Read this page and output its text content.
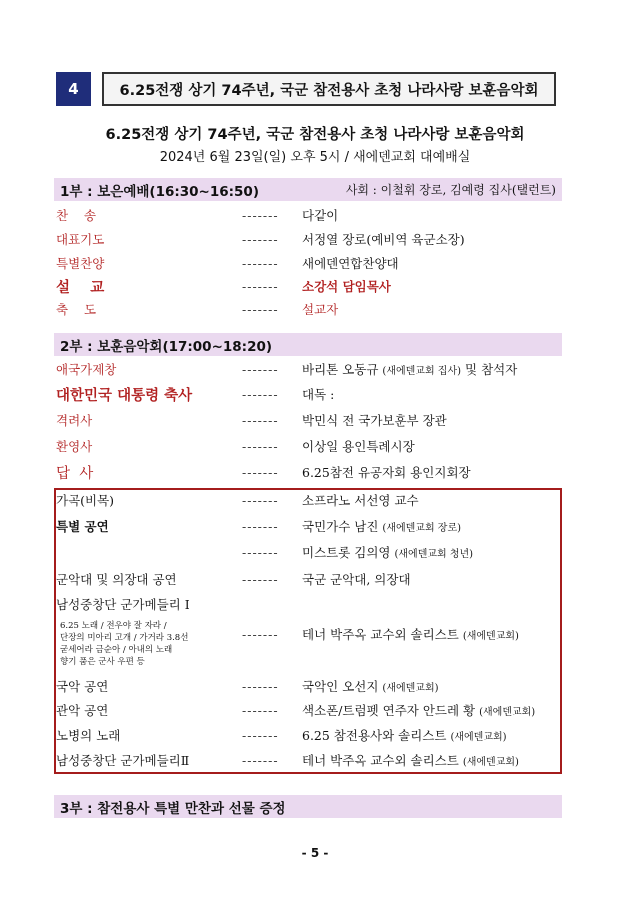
4	6.25전쟁 상기 74주년, 국군 참전용사 초청 나라사랑 보훈음악회
6.25전쟁 상기 74주년, 국군 참전용사 초청 나라사랑 보훈음악회
2024년 6월 23일(일) 오후 5시 / 새에덴교회 대예배실
1부 : 보은예배(16:30~16:50)	사회 : 이철휘 장로, 김예령 집사(탤런트)
찬    송	-------	다같이
대표기도	-------	서정열 장로(예비역 육군소장)
특별찬양	-------	새에덴연합찬양대
설    교	-------	소강석 담임목사
축    도	-------	설교자
2부 : 보훈음악회(17:00~18:20)
애국가제창	-------	바리톤 오동규 (새에덴교회 집사) 및 참석자
대한민국 대통령 축사	-------	대독 :
격려사	-------	박민식 전 국가보훈부 장관
환영사	-------	이상일 용인특례시장
답  사	-------	6.25참전 유공자회 용인지회장
가곡(비목)	-------	소프라노 서선영 교수
특별 공연	-------	국민가수 남진 (새에덴교회 장로)
-------	미스트롯 김의영 (새에덴교회 청년)
군악대 및 의장대 공연	-------	국군 군악대, 의장대
남성중창단 군가메들리 Ⅰ
6.25 노래 / 전우야 잘 자라 /
단장의 미아리 고개 / 가거라 3.8선
굳세어라 금순아 / 아내의 노래
향기 품은 군사 우편 등
-------	테너 박주옥 교수외 솔리스트 (새에덴교회)
국악 공연	-------	국악인 오선지 (새에덴교회)
관악 공연	-------	색소폰/트럼펫 연주자 안드레 황 (새에덴교회)
노병의 노래	-------	6.25 참전용사와 솔리스트 (새에덴교회)
남성중창단 군가메들리Ⅱ	-------	테너 박주옥 교수외 솔리스트 (새에덴교회)
3부 : 참전용사 특별 만찬과 선물 증정
- 5 -
